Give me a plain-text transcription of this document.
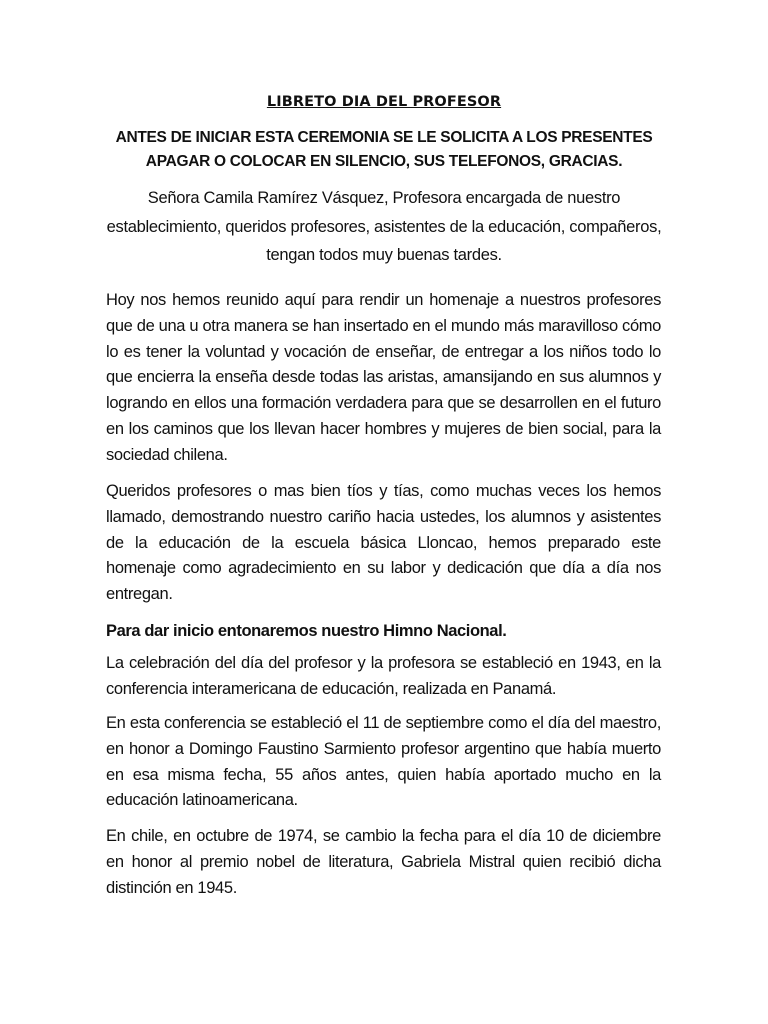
LIBRETO DIA DEL PROFESOR

ANTES DE INICIAR ESTA CEREMONIA SE LE SOLICITA A LOS PRESENTES APAGAR O COLOCAR EN SILENCIO, SUS TELEFONOS, GRACIAS.

Señora Camila Ramírez Vásquez, Profesora encargada de nuestro establecimiento, queridos profesores, asistentes de la educación, compañeros, tengan todos muy buenas tardes.

Hoy nos hemos reunido aquí para rendir un homenaje a nuestros profesores que de una u otra manera se han insertado en el mundo más maravilloso cómo lo es tener la voluntad y vocación de enseñar, de entregar a los niños todo lo que encierra la enseña desde todas las aristas, amansijando en sus alumnos y logrando en ellos una formación verdadera para que se desarrollen en el futuro en los caminos que los llevan hacer hombres y mujeres de bien social, para la sociedad chilena.

Queridos profesores o mas bien tíos y tías, como muchas veces los hemos llamado, demostrando nuestro cariño hacia ustedes, los alumnos y asistentes de la educación de la escuela básica Lloncao, hemos preparado este homenaje como agradecimiento en su labor y dedicación que día a día nos entregan.

Para dar inicio entonaremos nuestro Himno Nacional.

La celebración del día del profesor y la profesora se estableció en 1943, en la conferencia interamericana de educación, realizada en Panamá.

En esta conferencia se estableció el 11 de septiembre como el día del maestro, en honor a Domingo Faustino Sarmiento profesor argentino que había muerto en esa misma fecha, 55 años antes, quien había aportado mucho en la educación latinoamericana.

En chile, en octubre de 1974, se cambio la fecha para el día 10 de diciembre en honor al premio nobel de literatura, Gabriela Mistral quien recibió dicha distinción en 1945.
